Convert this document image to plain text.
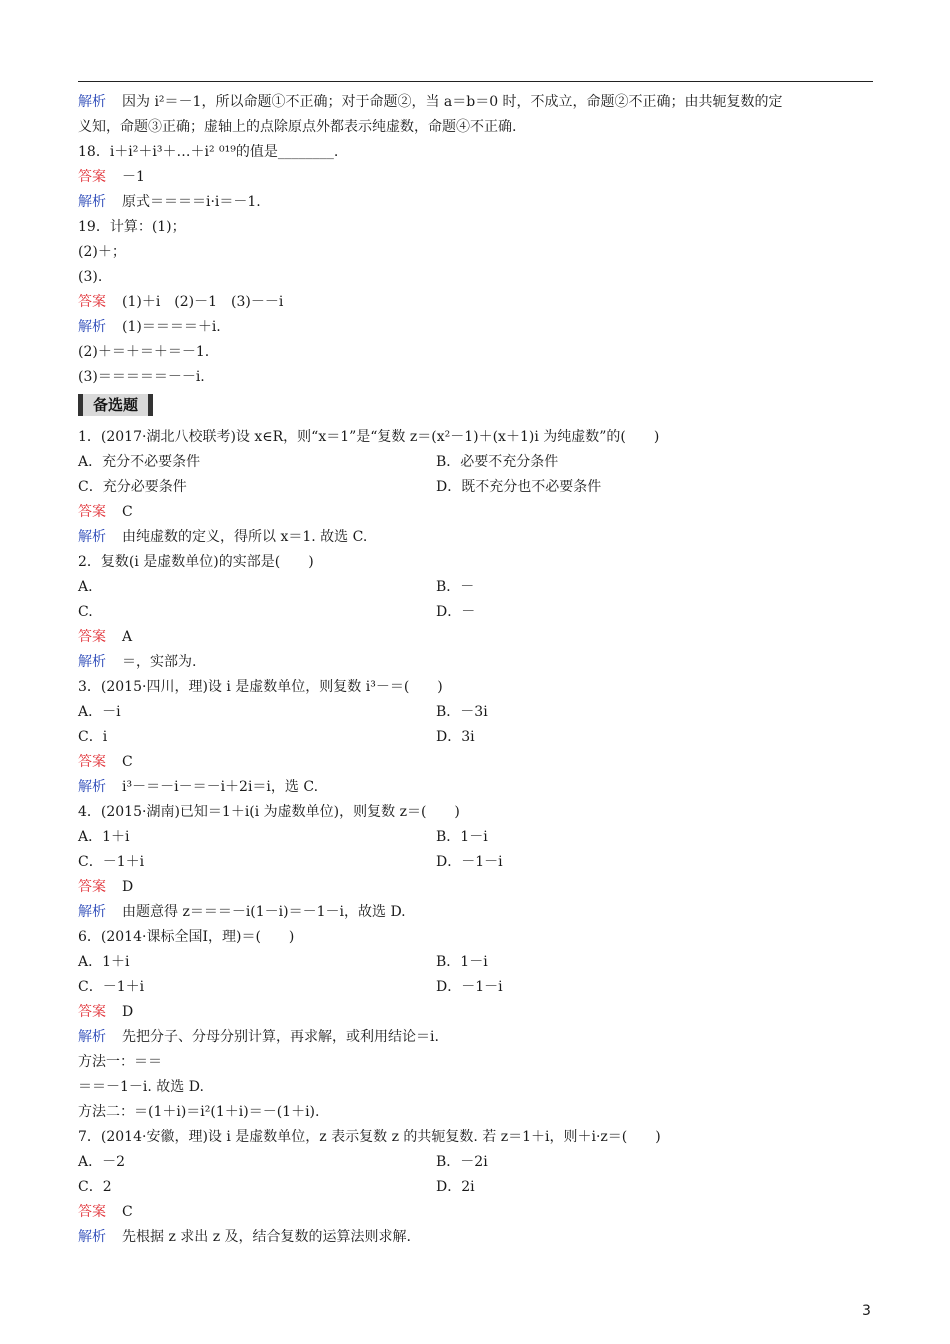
解析 因为 i²＝－1，所以命题①不正确；对于命题②，当 a＝b＝0 时，不成立，命题②不正确；由共轭复数的定
义知，命题③正确；虚轴上的点除原点外都表示纯虚数，命题④不正确.
18．i＋i²＋i³＋…＋i² ⁰¹⁹的值是________.
答案 －1
解析 原式＝＝＝＝i·i＝－1.
19．计算：(1)；
(2)＋；
(3).
答案 (1)＋i　(2)－1　(3)－－i
解析 (1)＝＝＝＝＋i.
(2)＋＝＋＝＋＝－1.
(3)＝＝＝＝＝－－i.
备选题
1．(2017·湖北八校联考)设 x∈R，则“x＝1”是“复数 z＝(x²－1)＋(x＋1)i 为纯虚数”的(　　)
A．充分不必要条件	B．必要不充分条件
C．充分必要条件	D．既不充分也不必要条件
答案 C
解析 由纯虚数的定义，得所以 x＝1. 故选 C.
2．复数(i 是虚数单位)的实部是(　　)
A.	B．－
C.	D．－
答案 A
解析 ＝，实部为.
3．(2015·四川，理)设 i 是虚数单位，则复数 i³－＝(　　)
A．－i	B．－3i
C．i	D．3i
答案 C
解析 i³－＝－i－＝－i＋2i＝i，选 C.
4．(2015·湖南)已知＝1＋i(i 为虚数单位)，则复数 z＝(　　)
A．1＋i	B．1－i
C．－1＋i	D．－1－i
答案 D
解析 由题意得 z＝＝＝－i(1－i)＝－1－i，故选 D.
6．(2014·课标全国Ⅰ，理)＝(　　)
A．1＋i	B．1－i
C．－1＋i	D．－1－i
答案 D
解析 先把分子、分母分别计算，再求解，或利用结论＝i.
方法一：＝＝
＝＝－1－i. 故选 D.
方法二：＝(1＋i)＝i²(1＋i)＝－(1＋i).
7．(2014·安徽，理)设 i 是虚数单位，z 表示复数 z 的共轭复数. 若 z＝1＋i，则＋i·z＝(　　)
A．－2	B．－2i
C．2	D．2i
答案 C
解析 先根据 z 求出 z 及，结合复数的运算法则求解.
3
